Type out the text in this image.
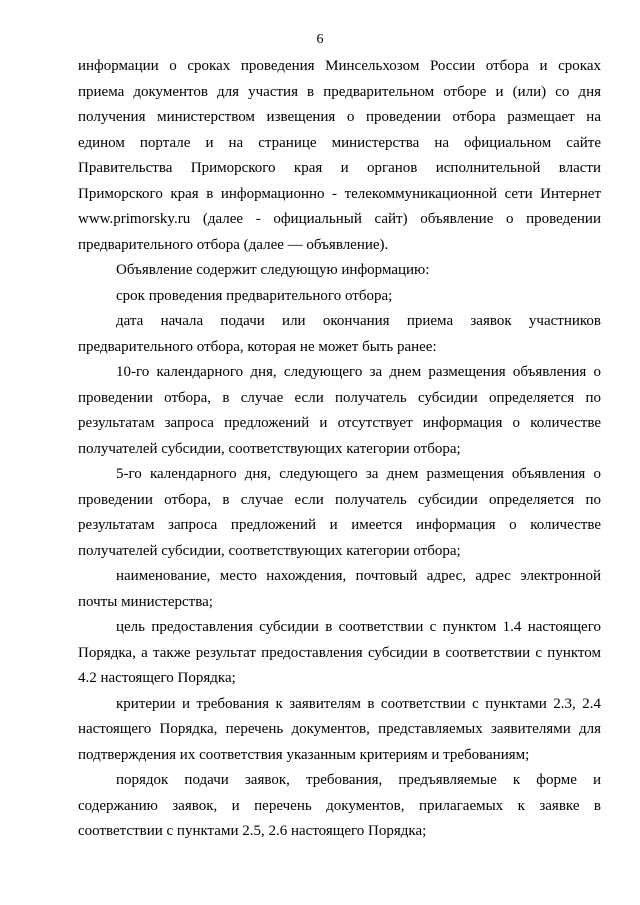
6
информации о сроках проведения Минсельхозом России отбора и сроках
приема документов для участия в предварительном отборе и (или) со дня
получения министерством извещения о проведении отбора размещает на
едином портале и на странице министерства на официальном сайте
Правительства Приморского края и органов исполнительной власти
Приморского края в информационно - телекоммуникационной сети Интернет
www.primorsky.ru (далее - официальный сайт) объявление о проведении
предварительного отбора (далее — объявление).
Объявление содержит следующую информацию:
срок проведения предварительного отбора;
дата начала подачи или окончания приема заявок участников
предварительного отбора, которая не может быть ранее:
10-го календарного дня, следующего за днем размещения объявления о
проведении отбора, в случае если получатель субсидии определяется по
результатам запроса предложений и отсутствует информация о количестве
получателей субсидии, соответствующих категории отбора;
5-го календарного дня, следующего за днем размещения объявления о
проведении отбора, в случае если получатель субсидии определяется по
результатам запроса предложений и имеется информация о количестве
получателей субсидии, соответствующих категории отбора;
наименование, место нахождения, почтовый адрес, адрес электронной
почты министерства;
цель предоставления субсидии в соответствии с пунктом 1.4 настоящего
Порядка, а также результат предоставления субсидии в соответствии с пунктом
4.2 настоящего Порядка;
критерии и требования к заявителям в соответствии с пунктами 2.3, 2.4
настоящего Порядка, перечень документов, представляемых заявителями для
подтверждения их соответствия указанным критериям и требованиям;
порядок подачи заявок, требования, предъявляемые к форме и
содержанию заявок, и перечень документов, прилагаемых к заявке в
соответствии с пунктами 2.5, 2.6 настоящего Порядка;
